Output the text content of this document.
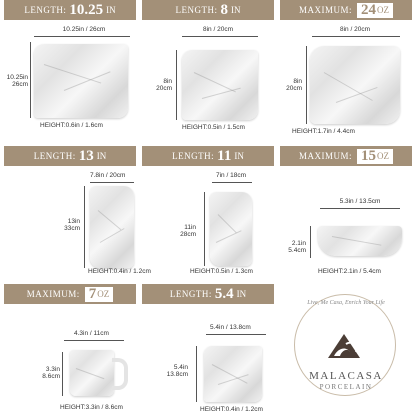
LENGTH: 10.25 IN
10.25in / 26cm
10.25in
26cm
HEIGHT:0.6in / 1.6cm
LENGTH: 8 IN
8in / 20cm
8in
20cm
HEIGHT:0.5in / 1.5cm
MAXIMUM: 24 OZ
8in / 20cm
8in
20cm
HEIGHT:1.7in / 4.4cm
LENGTH: 13 IN
7.8in / 20cm
13in
33cm
HEIGHT:0.4in / 1.2cm
LENGTH: 11 IN
7in / 18cm
11in
28cm
HEIGHT:0.5in / 1.3cm
MAXIMUM: 15 OZ
5.3in / 13.5cm
2.1in
5.4cm
HEIGHT:2.1in / 5.4cm
MAXIMUM: 7 OZ
4.3in / 11cm
3.3in
8.6cm
HEIGHT:3.3in / 8.6cm
LENGTH: 5.4 IN
5.4in / 13.8cm
5.4in
13.8cm
HEIGHT:0.4in / 1.2cm
Live, Me Casa, Enrich Your Life
MALACASA
PORCELAIN
